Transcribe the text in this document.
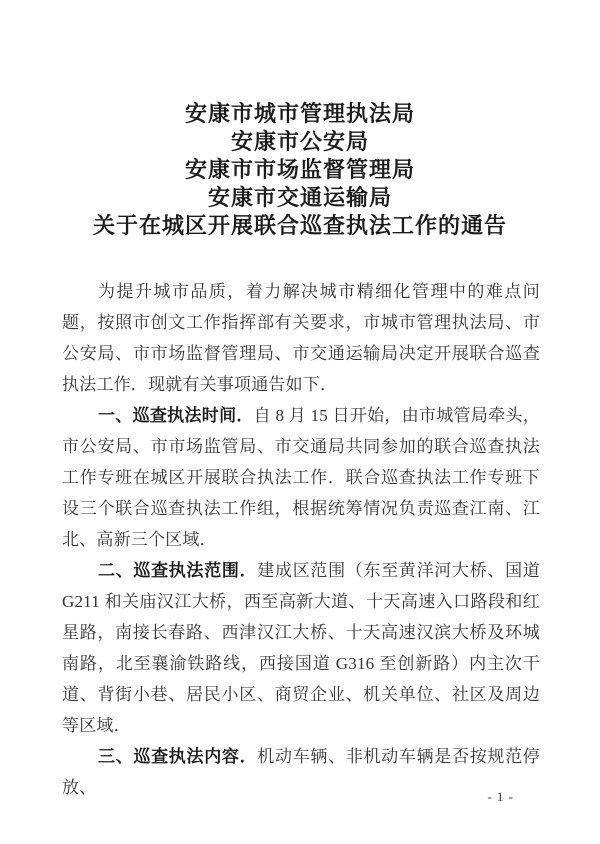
安康市城市管理执法局
安康市公安局
安康市市场监督管理局
安康市交通运输局
关于在城区开展联合巡查执法工作的通告

为提升城市品质，着力解决城市精细化管理中的难点问题，按照市创文工作指挥部有关要求，市城市管理执法局、市公安局、市市场监督管理局、市交通运输局决定开展联合巡查执法工作．现就有关事项通告如下．

一、巡查执法时间．自 8 月 15 日开始，由市城管局牵头，市公安局、市市场监管局、市交通局共同参加的联合巡查执法工作专班在城区开展联合执法工作．联合巡查执法工作专班下设三个联合巡查执法工作组，根据统筹情况负责巡查江南、江北、高新三个区域．

二、巡查执法范围．建成区范围（东至黄洋河大桥、国道 G211 和关庙汉江大桥，西至高新大道、十天高速入口路段和红星路，南接长春路、西津汉江大桥、十天高速汉滨大桥及环城南路，北至襄渝铁路线，西接国道 G316 至创新路）内主次干道、背街小巷、居民小区、商贸企业、机关单位、社区及周边等区域．

三、巡查执法内容．机动车辆、非机动车辆是否按规范停放、	- 1 -
